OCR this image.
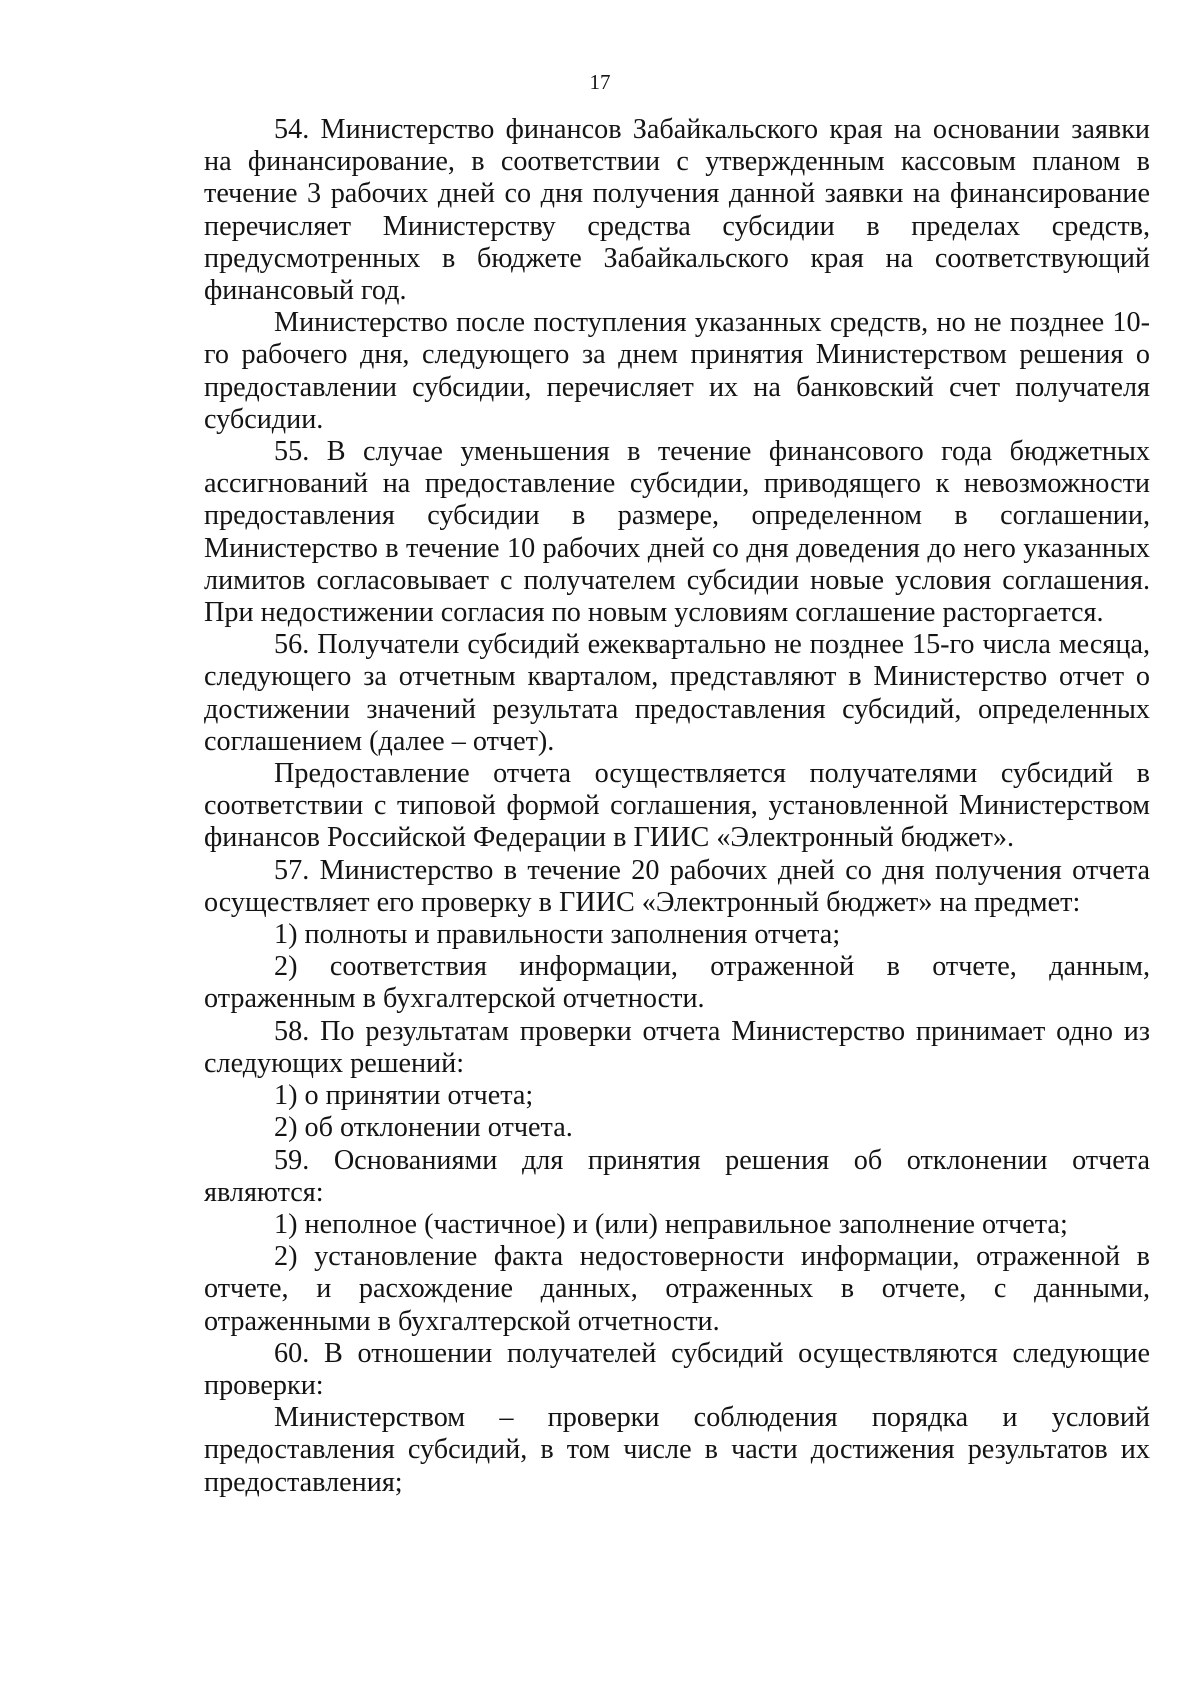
17

54. Министерство финансов Забайкальского края на основании заявки на финансирование, в соответствии с утвержденным кассовым планом в течение 3 рабочих дней со дня получения данной заявки на финансирование перечисляет Министерству средства субсидии в пределах средств, предусмотренных в бюджете Забайкальского края на соответствующий финансовый год.

Министерство после поступления указанных средств, но не позднее 10-го рабочего дня, следующего за днем принятия Министерством решения о предоставлении субсидии, перечисляет их на банковский счет получателя субсидии.

55. В случае уменьшения в течение финансового года бюджетных ассигнований на предоставление субсидии, приводящего к невозможности предоставления субсидии в размере, определенном в соглашении, Министерство в течение 10 рабочих дней со дня доведения до него указанных лимитов согласовывает с получателем субсидии новые условия соглашения. При недостижении согласия по новым условиям соглашение расторгается.

56. Получатели субсидий ежеквартально не позднее 15-го числа месяца, следующего за отчетным кварталом, представляют в Министерство отчет о достижении значений результата предоставления субсидий, определенных соглашением (далее – отчет).

Предоставление отчета осуществляется получателями субсидий в соответствии с типовой формой соглашения, установленной Министерством финансов Российской Федерации в ГИИС «Электронный бюджет».

57. Министерство в течение 20 рабочих дней со дня получения отчета осуществляет его проверку в ГИИС «Электронный бюджет» на предмет:

1) полноты и правильности заполнения отчета;

2) соответствия информации, отраженной в отчете, данным, отраженным в бухгалтерской отчетности.

58. По результатам проверки отчета Министерство принимает одно из следующих решений:

1) о принятии отчета;

2) об отклонении отчета.

59. Основаниями для принятия решения об отклонении отчета являются:

1) неполное (частичное) и (или) неправильное заполнение отчета;

2) установление факта недостоверности информации, отраженной в отчете, и расхождение данных, отраженных в отчете, с данными, отраженными в бухгалтерской отчетности.

60. В отношении получателей субсидий осуществляются следующие проверки:

Министерством – проверки соблюдения порядка и условий предоставления субсидий, в том числе в части достижения результатов их предоставления;
